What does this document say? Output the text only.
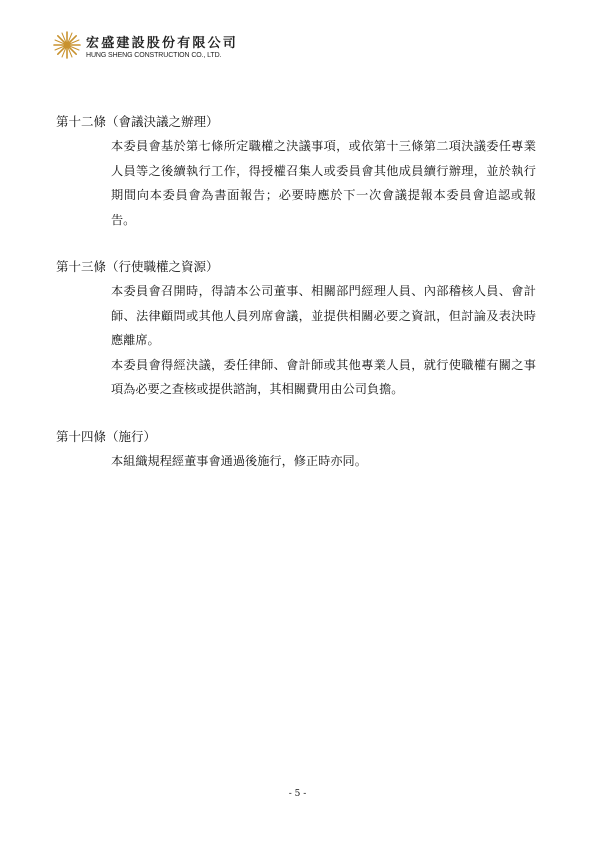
宏盛建設股份有限公司
HUNG SHENG CONSTRUCTION CO., LTD.
第十二條（會議決議之辦理）

本委員會基於第七條所定職權之決議事項，或依第十三條第二項決議委任專業人員等之後續執行工作，得授權召集人或委員會其他成員續行辦理，並於執行期間向本委員會為書面報告；必要時應於下一次會議提報本委員會追認或報告。

第十三條（行使職權之資源）

本委員會召開時，得請本公司董事、相關部門經理人員、內部稽核人員、會計師、法律顧問或其他人員列席會議，並提供相關必要之資訊，但討論及表決時應離席。

本委員會得經決議，委任律師、會計師或其他專業人員，就行使職權有關之事項為必要之查核或提供諮詢，其相關費用由公司負擔。

第十四條（施行）

本組織規程經董事會通過後施行，修正時亦同。

- 5 -
